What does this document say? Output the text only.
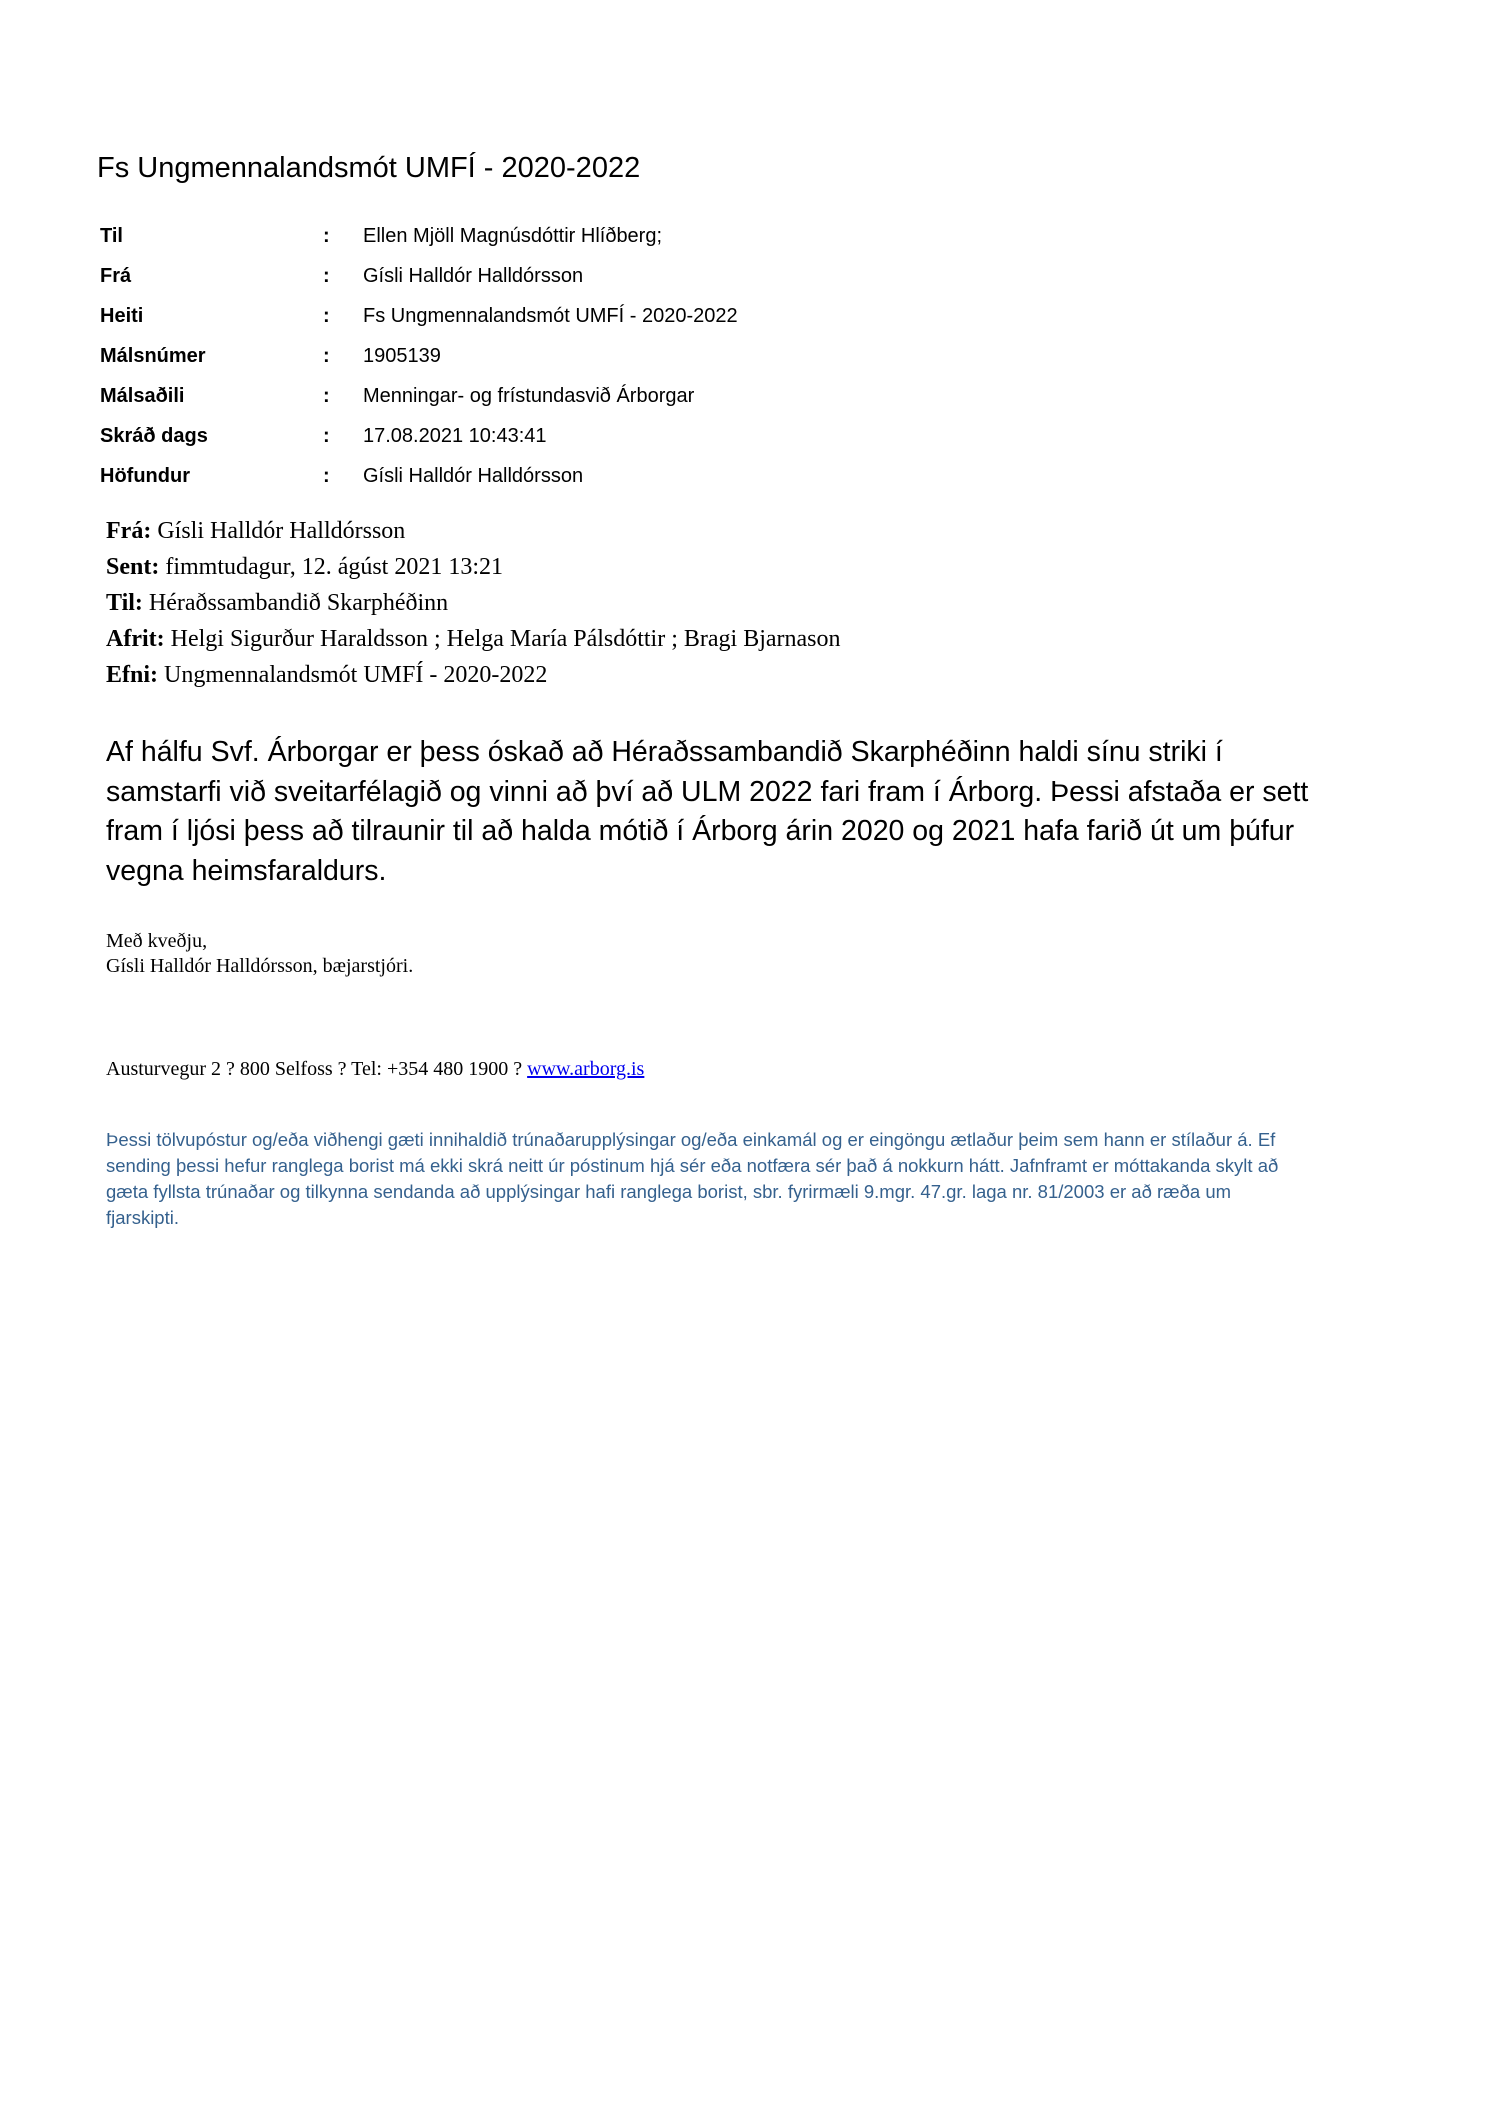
Fs Ungmennalandsmót UMFÍ - 2020-2022
Til	:	Ellen Mjöll Magnúsdóttir Hlíðberg;
Frá	:	Gísli Halldór Halldórsson
Heiti	:	Fs Ungmennalandsmót UMFÍ - 2020-2022
Málsnúmer	:	1905139
Málsaðili	:	Menningar- og frístundasvið Árborgar
Skráð dags	:	17.08.2021 10:43:41
Höfundur	:	Gísli Halldór Halldórsson
Frá: Gísli Halldór Halldórsson
Sent: fimmtudagur, 12. ágúst 2021 13:21
Til: Héraðssambandið Skarphéðinn
Afrit: Helgi Sigurður Haraldsson ; Helga María Pálsdóttir ; Bragi Bjarnason
Efni: Ungmennalandsmót UMFÍ - 2020-2022
Af hálfu Svf. Árborgar er þess óskað að Héraðssambandið Skarphéðinn haldi sínu striki í
samstarfi við sveitarfélagið og vinni að því að ULM 2022 fari fram í Árborg. Þessi afstaða er sett
fram í ljósi þess að tilraunir til að halda mótið í Árborg árin 2020 og 2021 hafa farið út um þúfur
vegna heimsfaraldurs.
Með kveðju,
Gísli Halldór Halldórsson, bæjarstjóri.
Austurvegur 2 ? 800 Selfoss ? Tel: +354 480 1900 ? www.arborg.is
Þessi tölvupóstur og/eða viðhengi gæti innihaldið trúnaðarupplýsingar og/eða einkamál og er eingöngu ætlaður þeim sem hann er stílaður á. Ef
sending þessi hefur ranglega borist má ekki skrá neitt úr póstinum hjá sér eða notfæra sér það á nokkurn hátt. Jafnframt er móttakanda skylt að
gæta fyllsta trúnaðar og tilkynna sendanda að upplýsingar hafi ranglega borist, sbr. fyrirmæli 9.mgr. 47.gr. laga nr. 81/2003 er að ræða um
fjarskipti.
